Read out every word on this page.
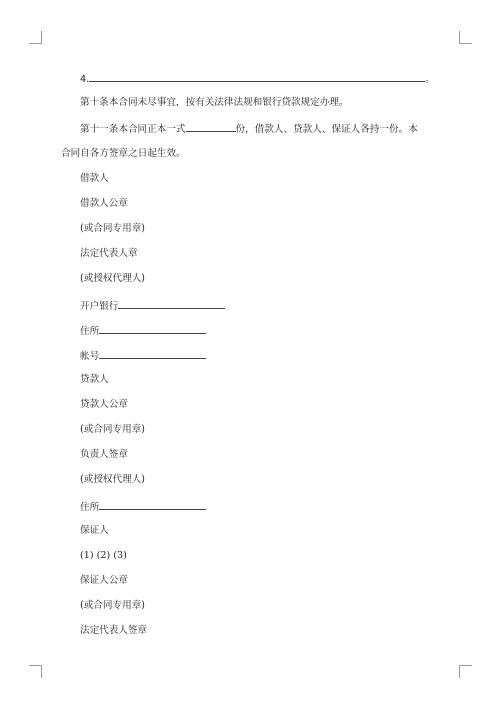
4.	。
第十条本合同未尽事宜，按有关法律法规和银行贷款规定办理。
第十一条本合同正本一式	份，借款人、贷款人、保证人各持一份。本
合同自各方签章之日起生效。
借款人
借款人公章
(或合同专用章)
法定代表人章
(或授权代理人)
开户银行
住所
帐号
贷款人
贷款人公章
(或合同专用章)
负责人签章
(或授权代理人)
住所
保证人
(1) (2) (3)
保证人公章
(或合同专用章)
法定代表人签章
